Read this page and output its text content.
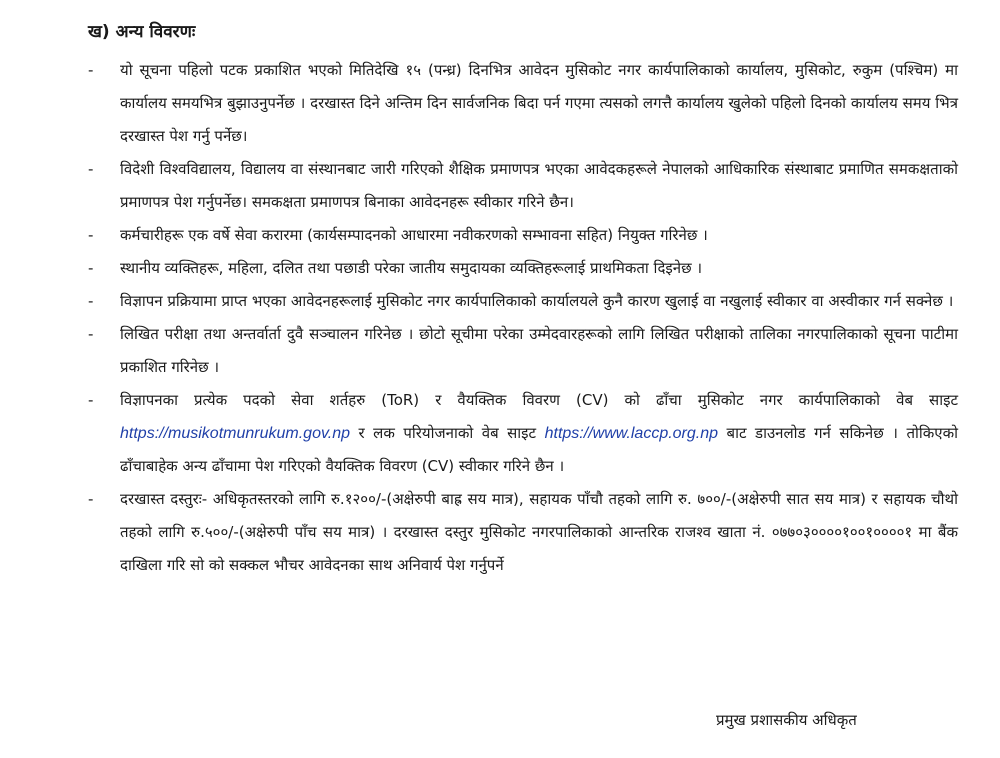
ख) अन्य विवरणः

- यो सूचना पहिलो पटक प्रकाशित भएको मितिदेखि १५ (पन्ध्र) दिनभित्र आवेदन मुसिकोट नगर कार्यपालिकाको कार्यालय, मुसिकोट, रुकुम (पश्चिम) मा कार्यालय समयभित्र बुझाउनुपर्नेछ । दरखास्त दिने अन्तिम दिन सार्वजनिक बिदा पर्न गएमा त्यसको लगत्तै कार्यालय खुलेको पहिलो दिनको कार्यालय समय भित्र दरखास्त पेश गर्नु पर्नेछ।
- विदेशी विश्वविद्यालय, विद्यालय वा संस्थानबाट जारी गरिएको शैक्षिक प्रमाणपत्र भएका आवेदकहरूले नेपालको आधिकारिक संस्थाबाट प्रमाणित समकक्षताको प्रमाणपत्र पेश गर्नुपर्नेछ। समकक्षता प्रमाणपत्र बिनाका आवेदनहरू स्वीकार गरिने छैन।
- कर्मचारीहरू एक वर्षे सेवा करारमा (कार्यसम्पादनको आधारमा नवीकरणको सम्भावना सहित) नियुक्त गरिनेछ ।
- स्थानीय व्यक्तिहरू, महिला, दलित तथा पछाडी परेका जातीय समुदायका व्यक्तिहरूलाई प्राथमिकता दिइनेछ ।
- विज्ञापन प्रक्रियामा प्राप्त भएका आवेदनहरूलाई मुसिकोट नगर कार्यपालिकाको कार्यालयले कुनै कारण खुलाई वा नखुलाई स्वीकार वा अस्वीकार गर्न सक्नेछ ।
- लिखित परीक्षा तथा अन्तर्वार्ता दुवै सञ्चालन गरिनेछ । छोटो सूचीमा परेका उम्मेदवारहरूको लागि लिखित परीक्षाको तालिका नगरपालिकाको सूचना पाटीमा प्रकाशित गरिनेछ ।
- विज्ञापनका प्रत्येक पदको सेवा शर्तहरु (ToR) र वैयक्तिक विवरण (CV) को ढाँचा मुसिकोट नगर कार्यपालिकाको वेब साइट https://musikotmunrukum.gov.np र लक परियोजनाको वेब साइट https://www.laccp.org.np बाट डाउनलोड गर्न सकिनेछ । तोकिएको ढाँचाबाहेक अन्य ढाँचामा पेश गरिएको वैयक्तिक विवरण (CV) स्वीकार गरिने छैन ।
- दरखास्त दस्तुरः- अधिकृतस्तरको लागि रु.१२००/-(अक्षेरुपी बाह्र सय मात्र), सहायक पाँचौ तहको लागि रु. ७००/-(अक्षेरुपी सात सय मात्र) र सहायक चौथो तहको लागि रु.५००/-(अक्षेरुपी पाँच सय मात्र) । दरखास्त दस्तुर मुसिकोट नगरपालिकाको आन्तरिक राजश्व खाता नं. ०७७०३००००१००१००००१ मा बैंक दाखिला गरि सो को सक्कल भौचर आवेदनका साथ अनिवार्य पेश गर्नुपर्ने
प्रमुख प्रशासकीय अधिकृत
